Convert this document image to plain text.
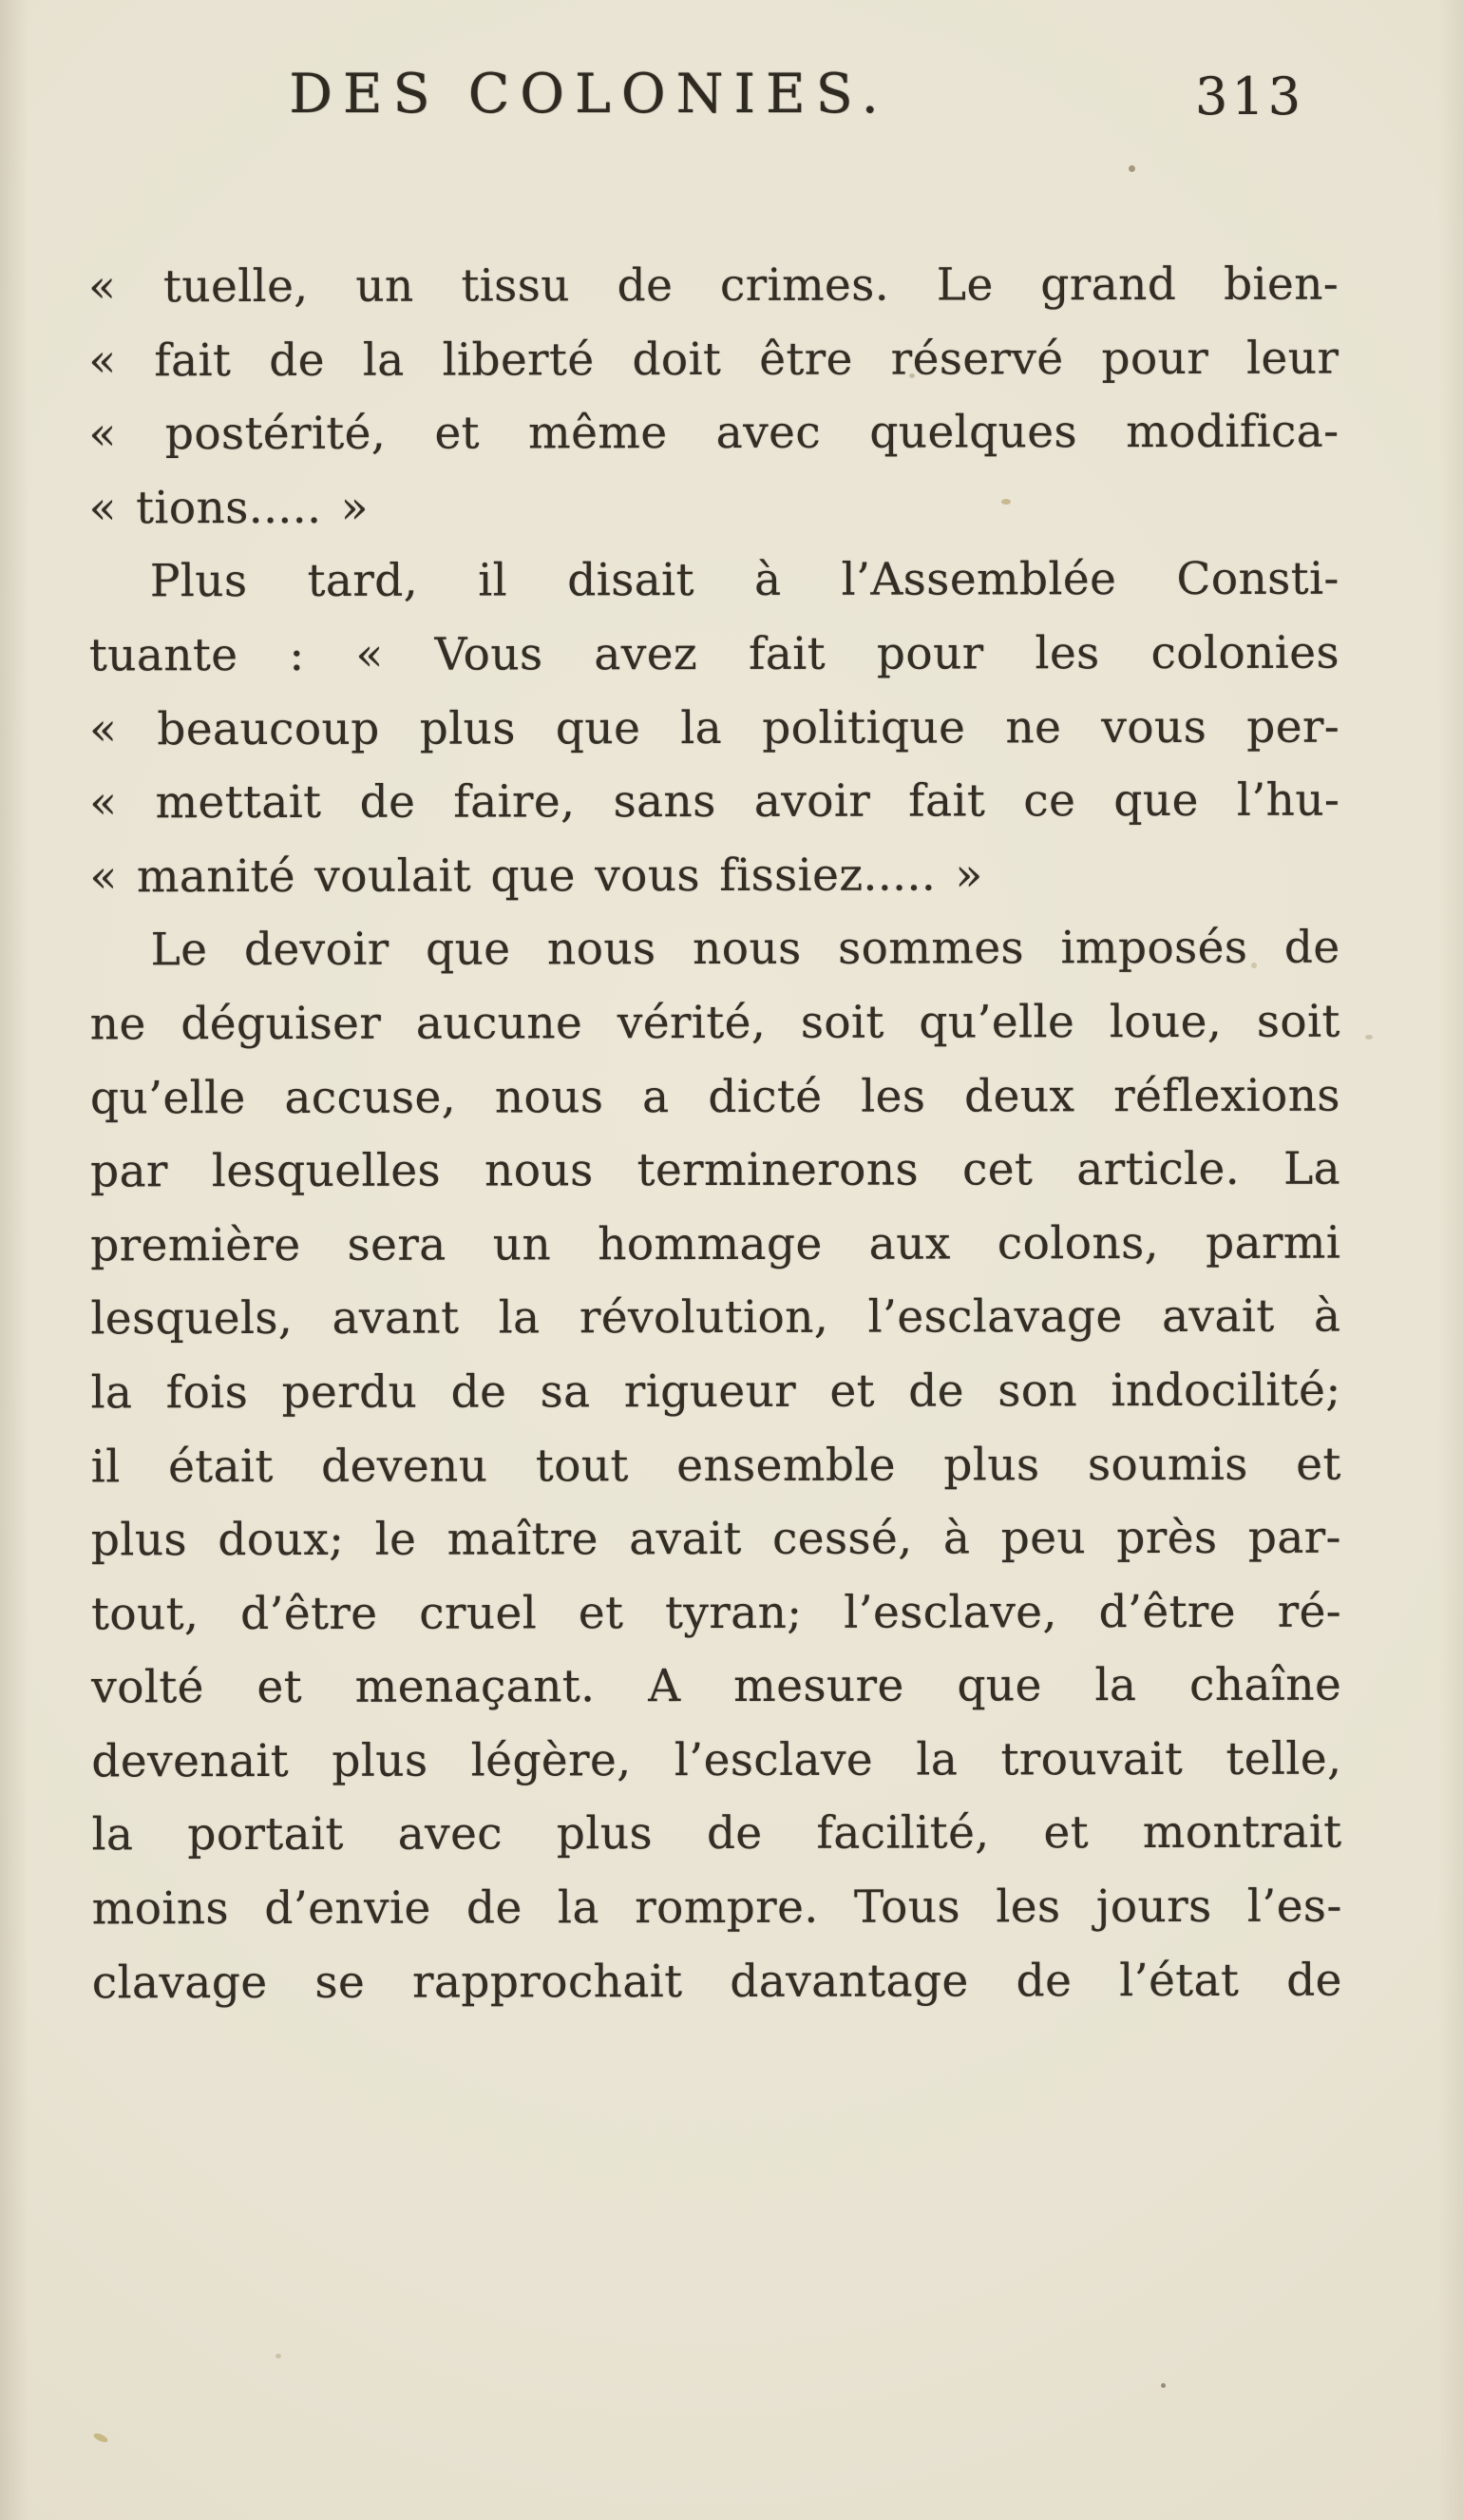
DES COLONIES.	313
« tuelle, un tissu de crimes. Le grand bien-
« fait de la liberté doit être réservé pour leur
« postérité, et même avec quelques modifica-
« tions..... »
Plus tard, il disait à l’Assemblée Consti-
tuante : « Vous avez fait pour les colonies
« beaucoup plus que la politique ne vous per-
« mettait de faire, sans avoir fait ce que l’hu-
« manité voulait que vous fissiez..... »
Le devoir que nous nous sommes imposés de
ne déguiser aucune vérité, soit qu’elle loue, soit
qu’elle accuse, nous a dicté les deux réflexions
par lesquelles nous terminerons cet article. La
première sera un hommage aux colons, parmi
lesquels, avant la révolution, l’esclavage avait à
la fois perdu de sa rigueur et de son indocilité;
il était devenu tout ensemble plus soumis et
plus doux; le maître avait cessé, à peu près par-
tout, d’être cruel et tyran; l’esclave, d’être ré-
volté et menaçant. A mesure que la chaîne
devenait plus légère, l’esclave la trouvait telle,
la portait avec plus de facilité, et montrait
moins d’envie de la rompre. Tous les jours l’es-
clavage se rapprochait davantage de l’état de
